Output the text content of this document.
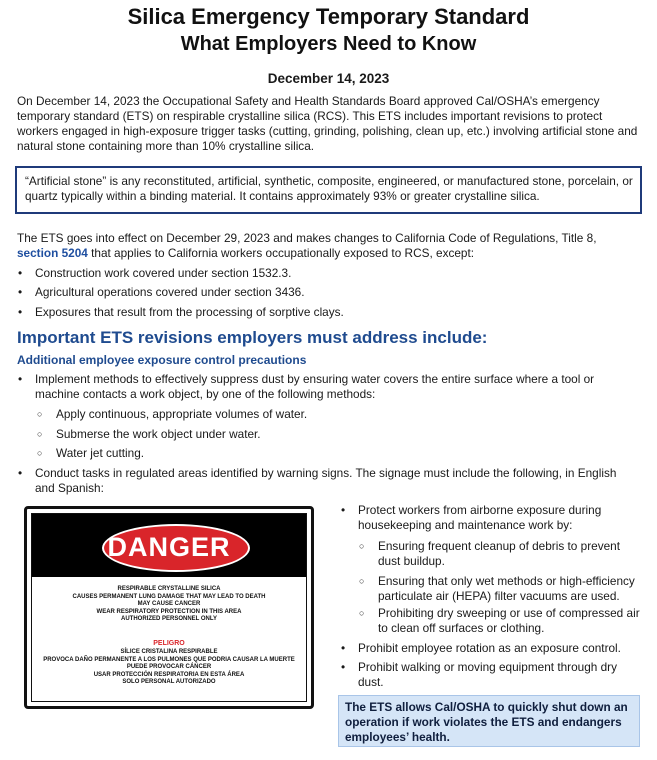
Silica Emergency Temporary Standard
What Employers Need to Know
December 14, 2023
On December 14, 2023 the Occupational Safety and Health Standards Board approved Cal/OSHA’s emergency temporary standard (ETS) on respirable crystalline silica (RCS). This ETS includes important revisions to protect workers engaged in high-exposure trigger tasks (cutting, grinding, polishing, clean up, etc.) involving artificial stone and natural stone containing more than 10% crystalline silica.
“Artificial stone” is any reconstituted, artificial, synthetic, composite, engineered, or manufactured stone, porcelain, or quartz typically within a binding material. It contains approximately 93% or greater crystalline silica.
The ETS goes into effect on December 29, 2023 and makes changes to California Code of Regulations, Title 8,
section 5204 that applies to California workers occupationally exposed to RCS, except:
• Construction work covered under section 1532.3.
• Agricultural operations covered under section 3436.
• Exposures that result from the processing of sorptive clays.
Important ETS revisions employers must address include:
Additional employee exposure control precautions
• Implement methods to effectively suppress dust by ensuring water covers the entire surface where a tool or machine contacts a work object, by one of the following methods:
○ Apply continuous, appropriate volumes of water.
○ Submerse the work object under water.
○ Water jet cutting.
• Conduct tasks in regulated areas identified by warning signs. The signage must include the following, in English and Spanish:
DANGER
RESPIRABLE CRYSTALLINE SILICA
CAUSES PERMANENT LUNG DAMAGE THAT MAY LEAD TO DEATH
MAY CAUSE CANCER
WEAR RESPIRATORY PROTECTION IN THIS AREA
AUTHORIZED PERSONNEL ONLY
PELIGRO
SÍLICE CRISTALINA RESPIRABLE
PROVOCA DAÑO PERMANENTE A LOS PULMONES QUE PODRIA CAUSAR LA MUERTE
PUEDE PROVOCAR CÁNCER
USAR PROTECCIÓN RESPIRATORIA EN ESTA ÁREA
SOLO PERSONAL AUTORIZADO
• Protect workers from airborne exposure during housekeeping and maintenance work by:
○ Ensuring frequent cleanup of debris to prevent dust buildup.
○ Ensuring that only wet methods or high-efficiency particulate air (HEPA) filter vacuums are used.
○ Prohibiting dry sweeping or use of compressed air to clean off surfaces or clothing.
• Prohibit employee rotation as an exposure control.
• Prohibit walking or moving equipment through dry dust.
The ETS allows Cal/OSHA to quickly shut down an operation if work violates the ETS and endangers employees’ health.
